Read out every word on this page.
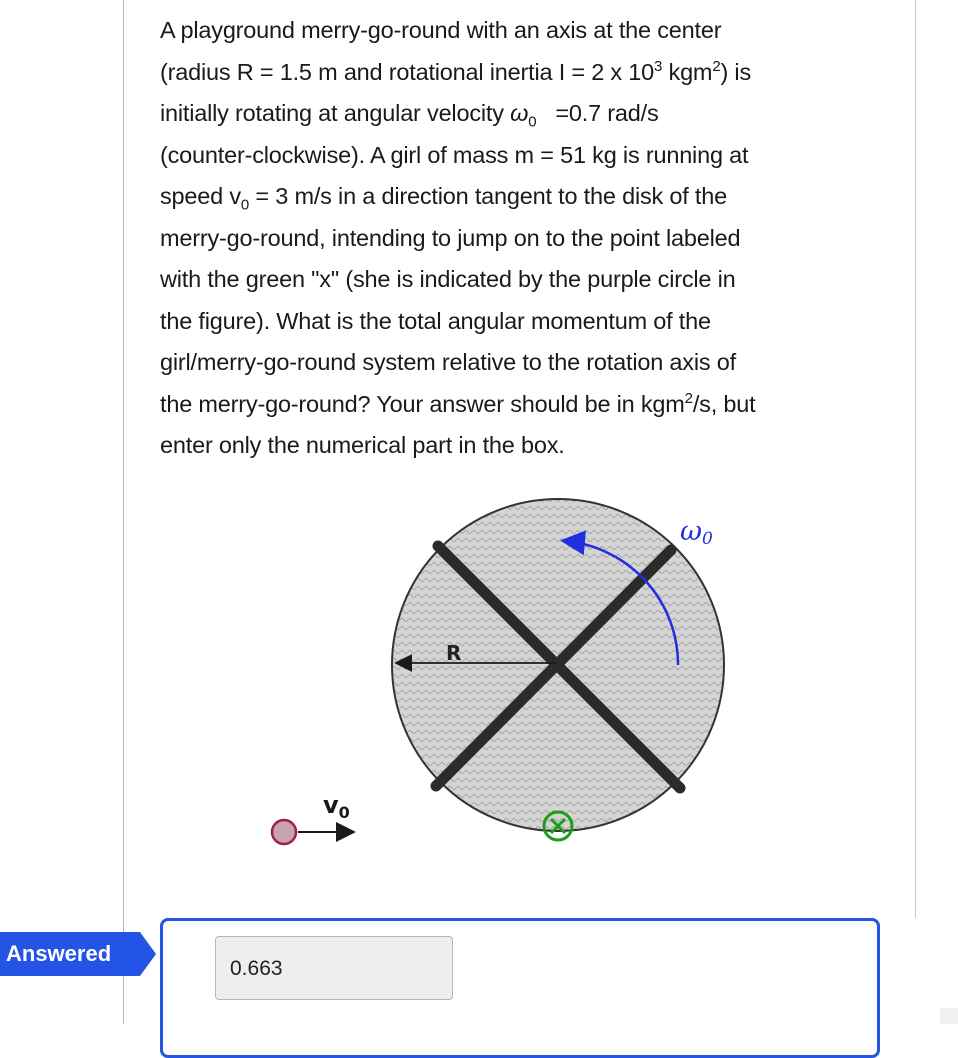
A playground merry-go-round with an axis at the center

(radius R = 1.5 m and rotational inertia I = 2 x $10^3$ kgm$^2$) is

initially rotating at angular velocity $\omega_0 =0.7$ rad/s

(counter-clockwise). A girl of mass m = 51 kg is running at

speed $v_0 = 3$ m/s in a direction tangent to the disk of the

merry-go-round, intending to jump on to the point labeled

with the green "x" (she is indicated by the purple circle in

the figure). What is the total angular momentum of the

girl/merry-go-round system relative to the rotation axis of

the merry-go-round? Your answer should be in kgm$^2$/s, but

enter only the numerical part in the box.

R
ω0
$v_0$
Answered
0.663
